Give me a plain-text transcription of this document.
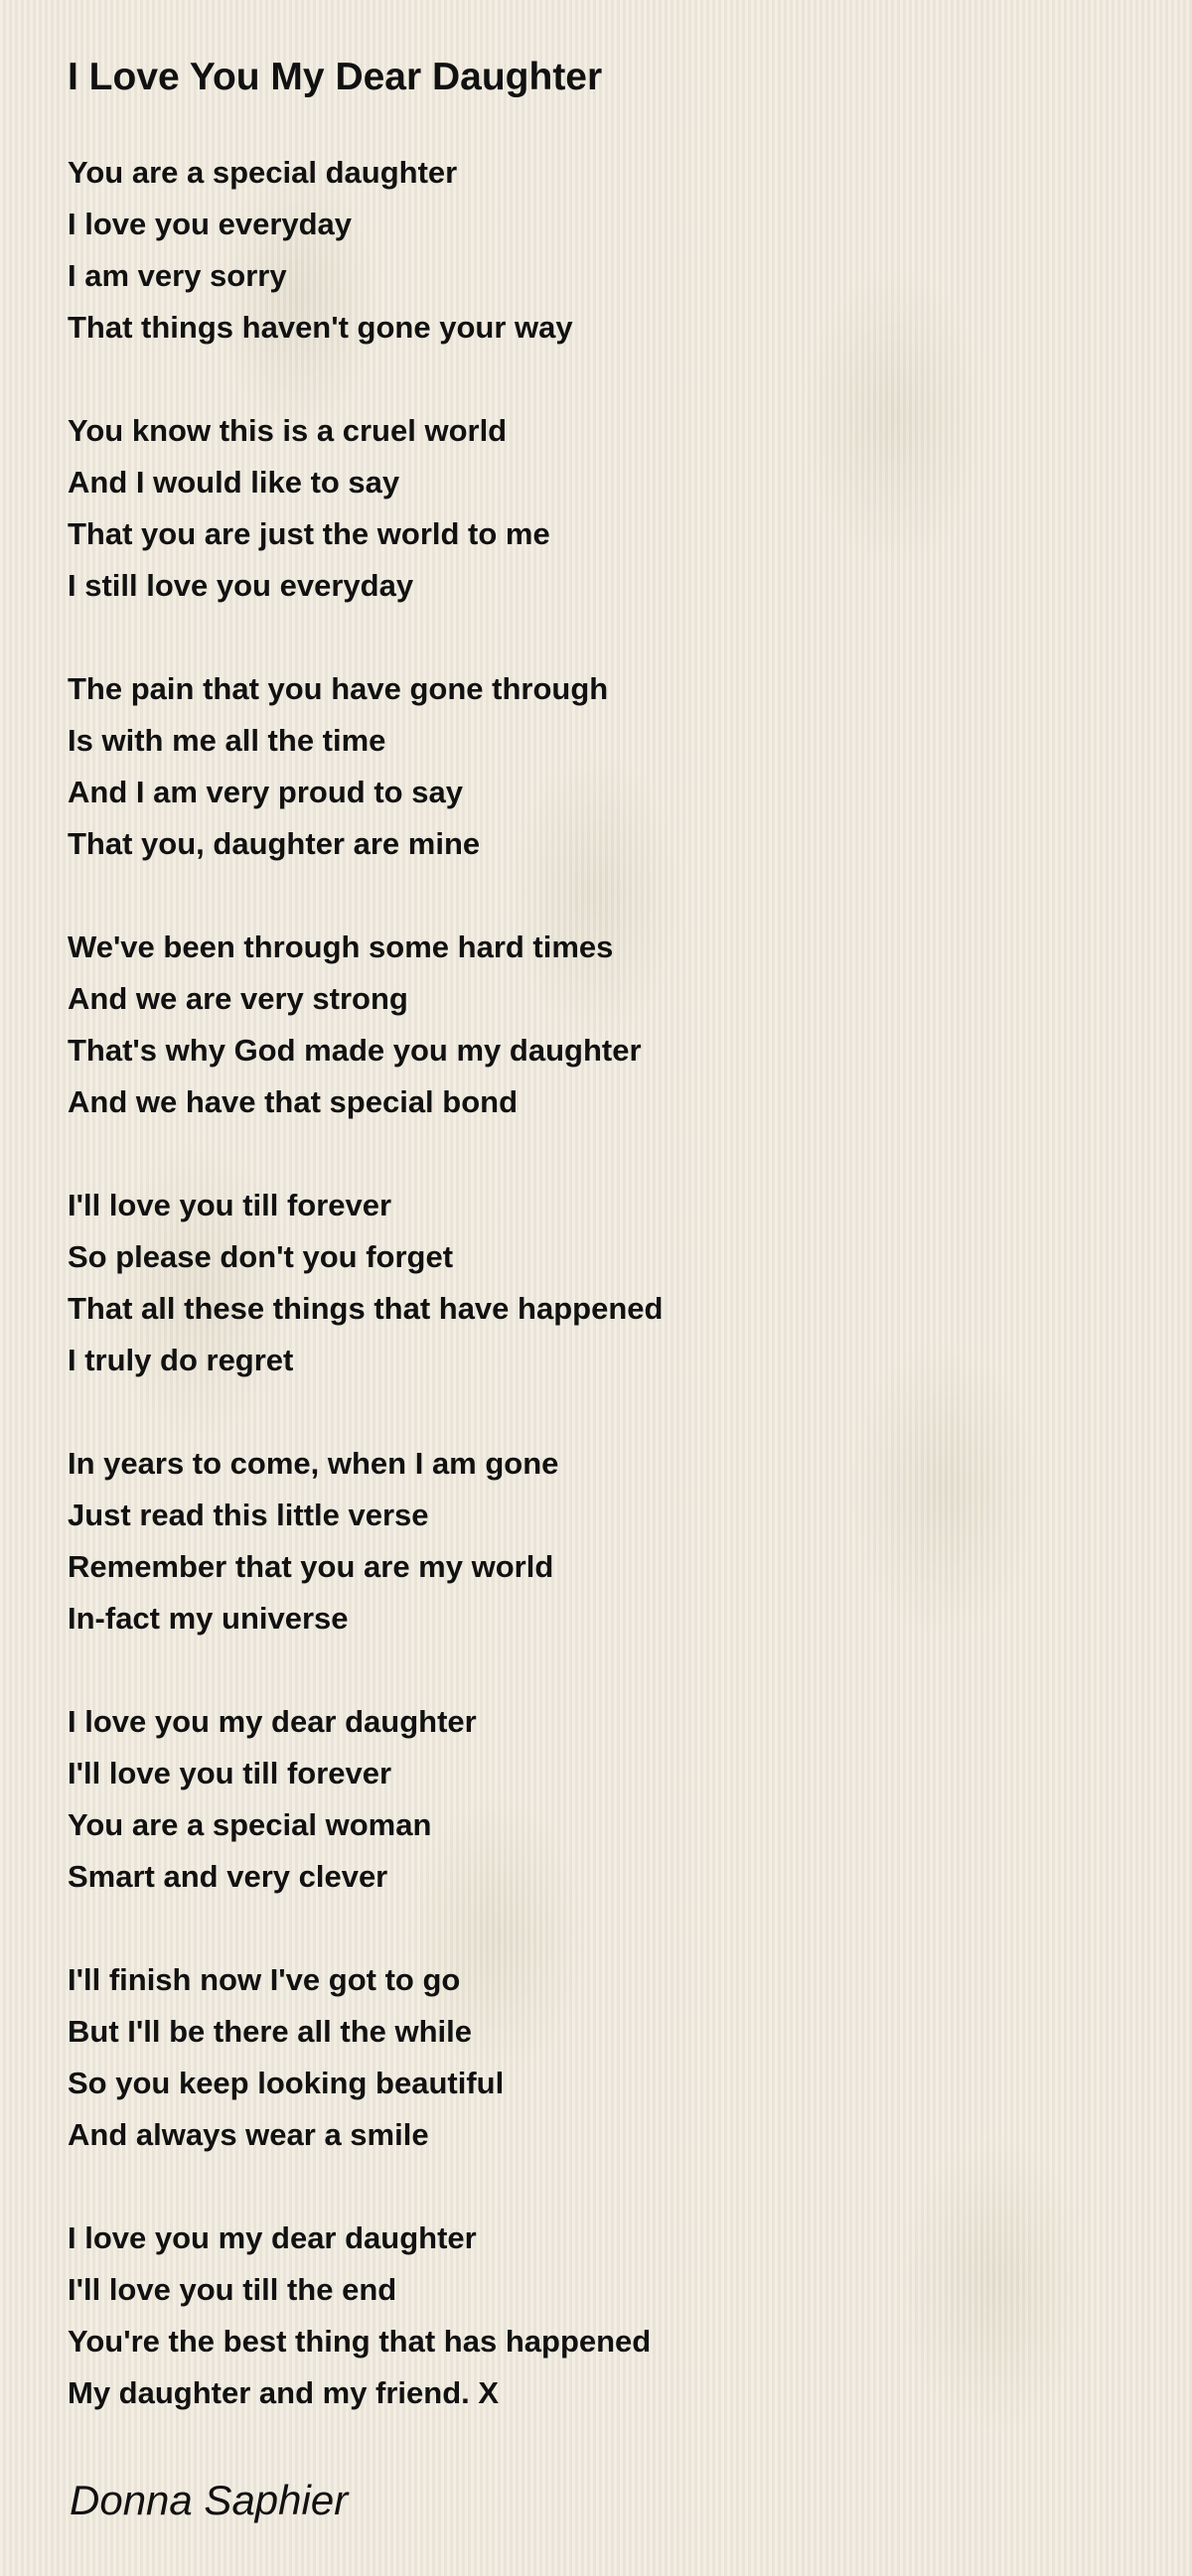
I Love You My Dear Daughter
You are a special daughter
I love you everyday
I am very sorry
That things haven't gone your way
You know this is a cruel world
And I would like to say
That you are just the world to me
I still love you everyday
The pain that you have gone through
Is with me all the time
And I am very proud to say
That you, daughter are mine
We've been through some hard times
And we are very strong
That's why God made you my daughter
And we have that special bond
I'll love you till forever
So please don't you forget
That all these things that have happened
I truly do regret
In years to come, when I am gone
Just read this little verse
Remember that you are my world
In-fact my universe
I love you my dear daughter
I'll love you till forever
You are a special woman
Smart and very clever
I'll finish now I've got to go
But I'll be there all the while
So you keep looking beautiful
And always wear a smile
I love you my dear daughter
I'll love you till the end
You're the best thing that has happened
My daughter and my friend. X
Donna Saphier
